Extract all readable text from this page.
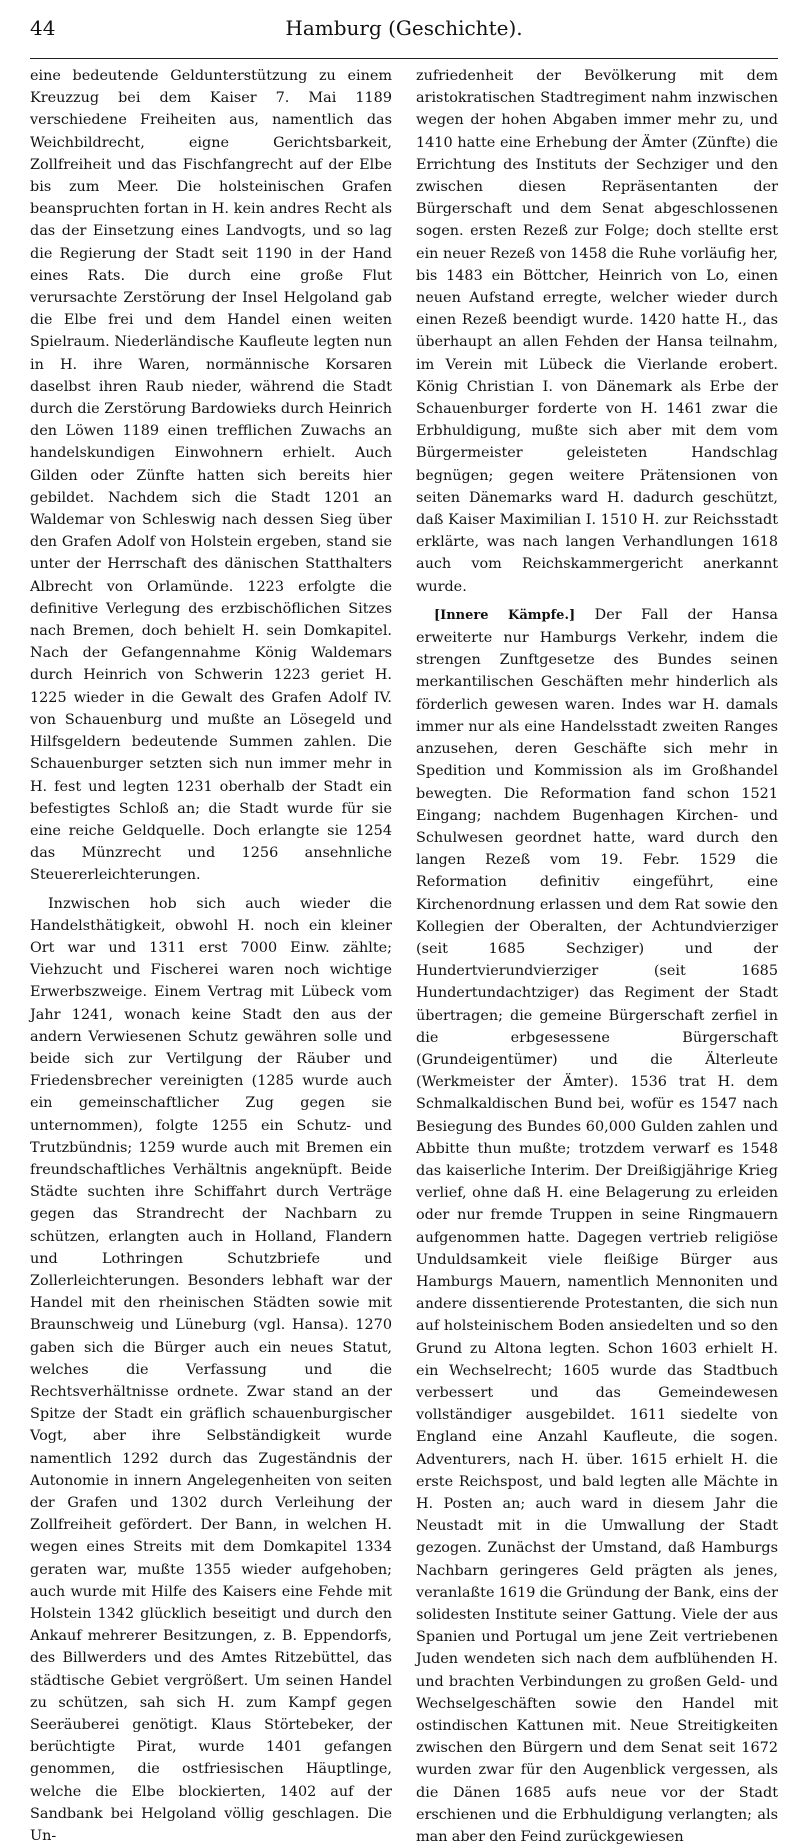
44	Hamburg (Geschichte).

eine bedeutende Geldunterstützung zu einem Kreuzzug bei dem Kaiser 7. Mai 1189 verschiedene Freiheiten aus, namentlich das Weichbildrecht, eigne Gerichtsbarkeit, Zollfreiheit und das Fischfangrecht auf der Elbe bis zum Meer. Die holsteinischen Grafen beanspruchten fortan in H. kein andres Recht als das der Einsetzung eines Landvogts, und so lag die Regierung der Stadt seit 1190 in der Hand eines Rats. Die durch eine große Flut verursachte Zerstörung der Insel Helgoland gab die Elbe frei und dem Handel einen weiten Spielraum. Niederländische Kaufleute legten nun in H. ihre Waren, normännische Korsaren daselbst ihren Raub nieder, während die Stadt durch die Zerstörung Bardowieks durch Heinrich den Löwen 1189 einen trefflichen Zuwachs an handelskundigen Einwohnern erhielt. Auch Gilden oder Zünfte hatten sich bereits hier gebildet. Nachdem sich die Stadt 1201 an Waldemar von Schleswig nach dessen Sieg über den Grafen Adolf von Holstein ergeben, stand sie unter der Herrschaft des dänischen Statthalters Albrecht von Orlamünde. 1223 erfolgte die definitive Verlegung des erzbischöflichen Sitzes nach Bremen, doch behielt H. sein Domkapitel. Nach der Gefangennahme König Waldemars durch Heinrich von Schwerin 1223 geriet H. 1225 wieder in die Gewalt des Grafen Adolf IV. von Schauenburg und mußte an Lösegeld und Hilfsgeldern bedeutende Summen zahlen. Die Schauenburger setzten sich nun immer mehr in H. fest und legten 1231 oberhalb der Stadt ein befestigtes Schloß an; die Stadt wurde für sie eine reiche Geldquelle. Doch erlangte sie 1254 das Münzrecht und 1256 ansehnliche Steuererleichterungen.

Inzwischen hob sich auch wieder die Handelsthätigkeit, obwohl H. noch ein kleiner Ort war und 1311 erst 7000 Einw. zählte; Viehzucht und Fischerei waren noch wichtige Erwerbszweige. Einem Vertrag mit Lübeck vom Jahr 1241, wonach keine Stadt den aus der andern Verwiesenen Schutz gewähren solle und beide sich zur Vertilgung der Räuber und Friedensbrecher vereinigten (1285 wurde auch ein gemeinschaftlicher Zug gegen sie unternommen), folgte 1255 ein Schutz- und Trutzbündnis; 1259 wurde auch mit Bremen ein freundschaftliches Verhältnis angeknüpft. Beide Städte suchten ihre Schiffahrt durch Verträge gegen das Strandrecht der Nachbarn zu schützen, erlangten auch in Holland, Flandern und Lothringen Schutzbriefe und Zollerleichterungen. Besonders lebhaft war der Handel mit den rheinischen Städten sowie mit Braunschweig und Lüneburg (vgl. Hansa). 1270 gaben sich die Bürger auch ein neues Statut, welches die Verfassung und die Rechtsverhältnisse ordnete. Zwar stand an der Spitze der Stadt ein gräflich schauenburgischer Vogt, aber ihre Selbständigkeit wurde namentlich 1292 durch das Zugeständnis der Autonomie in innern Angelegenheiten von seiten der Grafen und 1302 durch Verleihung der Zollfreiheit gefördert. Der Bann, in welchen H. wegen eines Streits mit dem Domkapitel 1334 geraten war, mußte 1355 wieder aufgehoben; auch wurde mit Hilfe des Kaisers eine Fehde mit Holstein 1342 glücklich beseitigt und durch den Ankauf mehrerer Besitzungen, z. B. Eppendorfs, des Billwerders und des Amtes Ritzebüttel, das städtische Gebiet vergrößert. Um seinen Handel zu schützen, sah sich H. zum Kampf gegen Seeräuberei genötigt. Klaus Störtebeker, der berüchtigte Pirat, wurde 1401 gefangen genommen, die ostfriesischen Häuptlinge, welche die Elbe blockierten, 1402 auf der Sandbank bei Helgoland völlig geschlagen. Die Un-

zufriedenheit der Bevölkerung mit dem aristokratischen Stadtregiment nahm inzwischen wegen der hohen Abgaben immer mehr zu, und 1410 hatte eine Erhebung der Ämter (Zünfte) die Errichtung des Instituts der Sechziger und den zwischen diesen Repräsentanten der Bürgerschaft und dem Senat abgeschlossenen sogen. ersten Rezeß zur Folge; doch stellte erst ein neuer Rezeß von 1458 die Ruhe vorläufig her, bis 1483 ein Böttcher, Heinrich von Lo, einen neuen Aufstand erregte, welcher wieder durch einen Rezeß beendigt wurde. 1420 hatte H., das überhaupt an allen Fehden der Hansa teilnahm, im Verein mit Lübeck die Vierlande erobert. König Christian I. von Dänemark als Erbe der Schauenburger forderte von H. 1461 zwar die Erbhuldigung, mußte sich aber mit dem vom Bürgermeister geleisteten Handschlag begnügen; gegen weitere Prätensionen von seiten Dänemarks ward H. dadurch geschützt, daß Kaiser Maximilian I. 1510 H. zur Reichsstadt erklärte, was nach langen Verhandlungen 1618 auch vom Reichskammergericht anerkannt wurde.

[Innere Kämpfe.] Der Fall der Hansa erweiterte nur Hamburgs Verkehr, indem die strengen Zunftgesetze des Bundes seinen merkantilischen Geschäften mehr hinderlich als förderlich gewesen waren. Indes war H. damals immer nur als eine Handelsstadt zweiten Ranges anzusehen, deren Geschäfte sich mehr in Spedition und Kommission als im Großhandel bewegten. Die Reformation fand schon 1521 Eingang; nachdem Bugenhagen Kirchen- und Schulwesen geordnet hatte, ward durch den langen Rezeß vom 19. Febr. 1529 die Reformation definitiv eingeführt, eine Kirchenordnung erlassen und dem Rat sowie den Kollegien der Oberalten, der Achtundvierziger (seit 1685 Sechziger) und der Hundertvierundvierziger (seit 1685 Hundertundachtziger) das Regiment der Stadt übertragen; die gemeine Bürgerschaft zerfiel in die erbgesessene Bürgerschaft (Grundeigentümer) und die Älterleute (Werkmeister der Ämter). 1536 trat H. dem Schmalkaldischen Bund bei, wofür es 1547 nach Besiegung des Bundes 60,000 Gulden zahlen und Abbitte thun mußte; trotzdem verwarf es 1548 das kaiserliche Interim. Der Dreißigjährige Krieg verlief, ohne daß H. eine Belagerung zu erleiden oder nur fremde Truppen in seine Ringmauern aufgenommen hatte. Dagegen vertrieb religiöse Unduldsamkeit viele fleißige Bürger aus Hamburgs Mauern, namentlich Mennoniten und andere dissentierende Protestanten, die sich nun auf holsteinischem Boden ansiedelten und so den Grund zu Altona legten. Schon 1603 erhielt H. ein Wechselrecht; 1605 wurde das Stadtbuch verbessert und das Gemeindewesen vollständiger ausgebildet. 1611 siedelte von England eine Anzahl Kaufleute, die sogen. Adventurers, nach H. über. 1615 erhielt H. die erste Reichspost, und bald legten alle Mächte in H. Posten an; auch ward in diesem Jahr die Neustadt mit in die Umwallung der Stadt gezogen. Zunächst der Umstand, daß Hamburgs Nachbarn geringeres Geld prägten als jenes, veranlaßte 1619 die Gründung der Bank, eins der solidesten Institute seiner Gattung. Viele der aus Spanien und Portugal um jene Zeit vertriebenen Juden wendeten sich nach dem aufblühenden H. und brachten Verbindungen zu großen Geld- und Wechselgeschäften sowie den Handel mit ostindischen Kattunen mit. Neue Streitigkeiten zwischen den Bürgern und dem Senat seit 1672 wurden zwar für den Augenblick vergessen, als die Dänen 1685 aufs neue vor der Stadt erschienen und die Erbhuldigung verlangten; als man aber den Feind zurückgewiesen
